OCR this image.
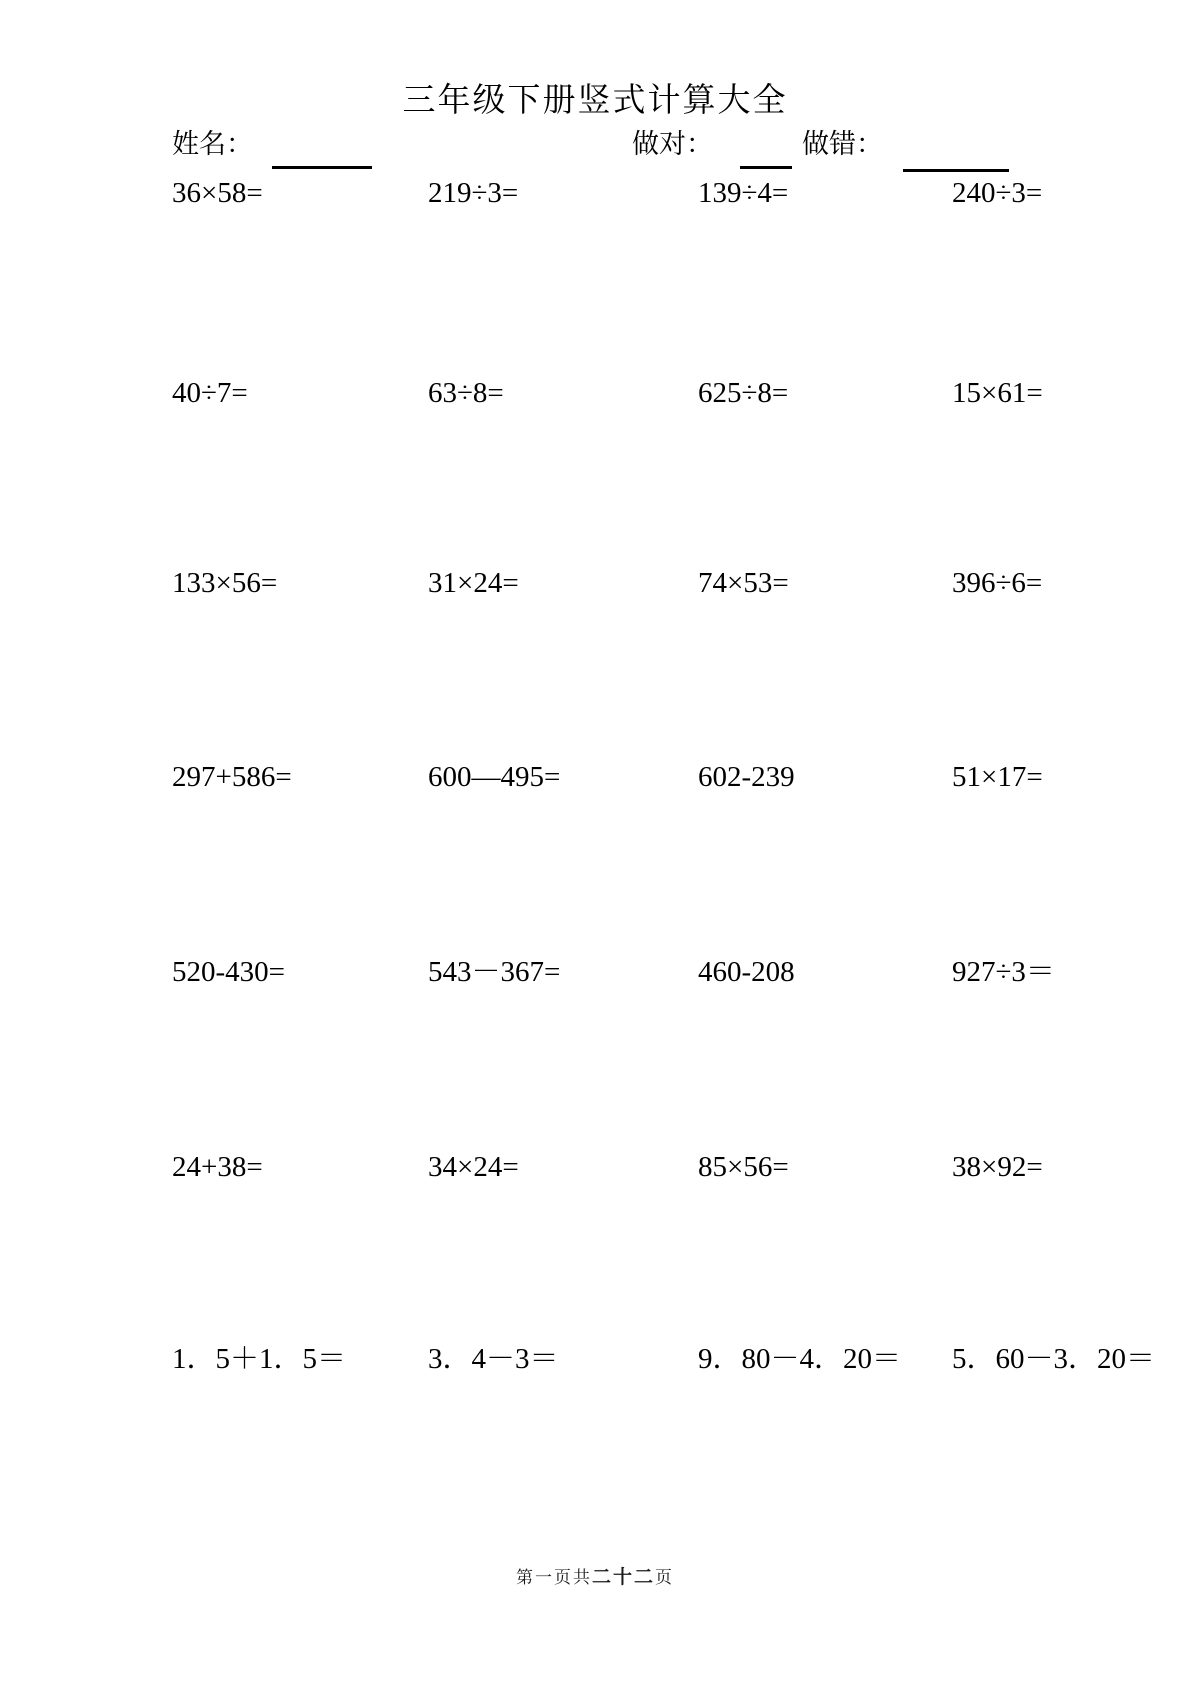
三年级下册竖式计算大全
姓名：	做对：	做错：
36×58=	219÷3=	139÷4=	240÷3=
40÷7=	63÷8=	625÷8=	15×61=
133×56=	31×24=	74×53=	396÷6=
297+586=	600—495=	602-239	51×17=
520-430=	543－367=	460-208	927÷3＝
24+38=	34×24=	85×56=	38×92=
1．5＋1．5＝	3．4－3＝	9．80－4．20＝	5．60－3．20＝
第一页共二十二页
